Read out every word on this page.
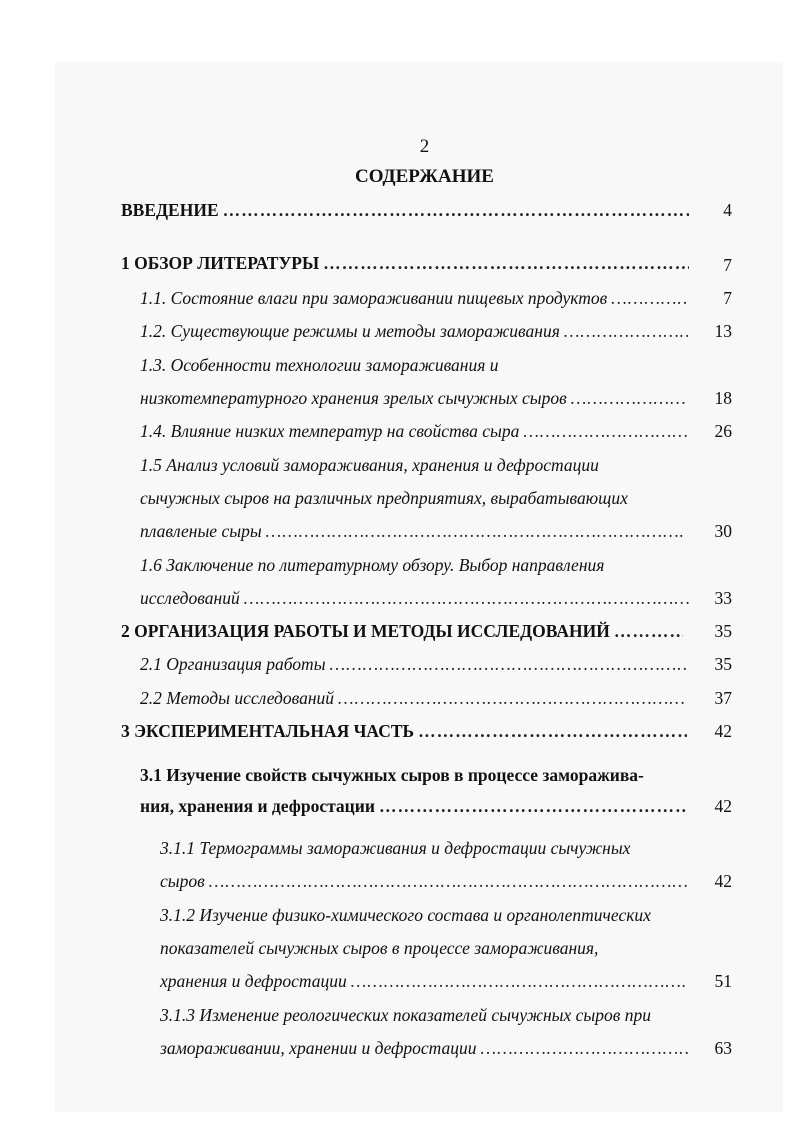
2
СОДЕРЖАНИЕ
ВВЕДЕНИЕ ………………………………………………………………………………………………………………………………………………………………………………………………………………………………………………	4
1 ОБЗОР ЛИТЕРАТУРЫ ………………………………………………………………………………………………………………………………………………………………………………………………………………………………………………	7
1.1. Состояние влаги при замораживании пищевых продуктов ………………………………………………………………………………………………………………………………………………………………………………………………………………………………………………	7
1.2. Существующие режимы и методы замораживания ………………………………………………………………………………………………………………………………………………………………………………………………………………………………………………	13
1.3. Особенности технологии замораживания и
низкотемпературного хранения зрелых сычужных сыров ………………………………………………………………………………………………………………………………………………………………………………………………………………………………………………	18
1.4. Влияние низких температур на свойства сыра ………………………………………………………………………………………………………………………………………………………………………………………………………………………………………………	26
1.5 Анализ условий замораживания, хранения и дефростации
сычужных сыров на различных предприятиях, вырабатывающих
плавленые сыры ………………………………………………………………………………………………………………………………………………………………………………………………………………………………………………	30
1.6 Заключение по литературному обзору. Выбор направления
исследований ………………………………………………………………………………………………………………………………………………………………………………………………………………………………………………	33
2 ОРГАНИЗАЦИЯ РАБОТЫ И МЕТОДЫ ИССЛЕДОВАНИЙ ………………………………………………………………………………………………………………………………………………………………………………………………………………………………………………	35
2.1 Организация работы ………………………………………………………………………………………………………………………………………………………………………………………………………………………………………………	35
2.2 Методы исследований ………………………………………………………………………………………………………………………………………………………………………………………………………………………………………………	37
3 ЭКСПЕРИМЕНТАЛЬНАЯ ЧАСТЬ ………………………………………………………………………………………………………………………………………………………………………………………………………………………………………………	42
3.1 Изучение свойств сычужных сыров в процессе заморажива-
ния, хранения и дефростации ………………………………………………………………………………………………………………………………………………………………………………………………………………………………………………	42
3.1.1 Термограммы замораживания и дефростации сычужных
сыров ………………………………………………………………………………………………………………………………………………………………………………………………………………………………………………	42
3.1.2 Изучение физико-химического состава и органолептических
показателей сычужных сыров в процессе замораживания,
хранения и дефростации ………………………………………………………………………………………………………………………………………………………………………………………………………………………………………………	51
3.1.3 Изменение реологических показателей сычужных сыров при
замораживании, хранении и дефростации ………………………………………………………………………………………………………………………………………………………………………………………………………………………………………………	63
